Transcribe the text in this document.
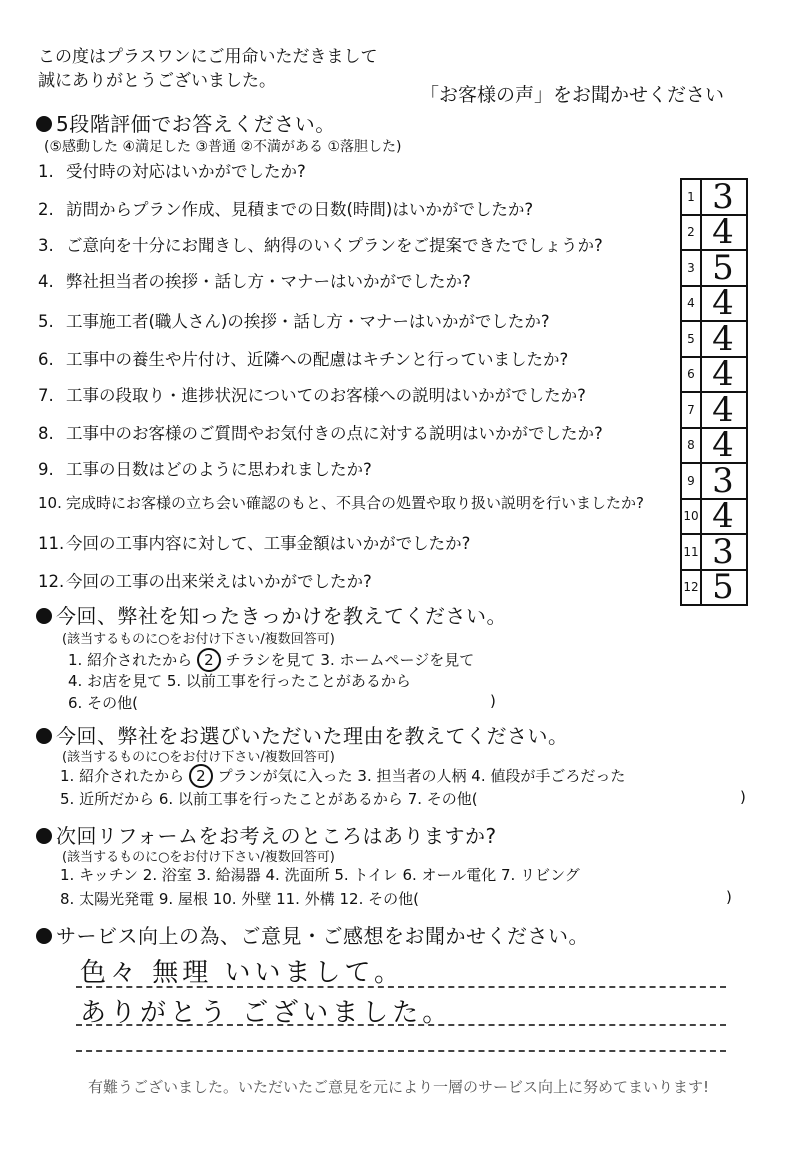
この度はプラスワンにご用命いただきまして
誠にありがとうございました。
「お客様の声」をお聞かせください
5段階評価でお答えください。
(⑤感動した ④満足した ③普通 ②不満がある ①落胆した)
1. 受付時の対応はいかがでしたか?
2. 訪問からプラン作成、見積までの日数(時間)はいかがでしたか?
3. ご意向を十分にお聞きし、納得のいくプランをご提案できたでしょうか?
4. 弊社担当者の挨拶・話し方・マナーはいかがでしたか?
5. 工事施工者(職人さん)の挨拶・話し方・マナーはいかがでしたか?
6. 工事中の養生や片付け、近隣への配慮はキチンと行っていましたか?
7. 工事の段取り・進捗状況についてのお客様への説明はいかがでしたか?
8. 工事中のお客様のご質問やお気付きの点に対する説明はいかがでしたか?
9. 工事の日数はどのように思われましたか?
10. 完成時にお客様の立ち会い確認のもと、不具合の処置や取り扱い説明を行いましたか?
11. 今回の工事内容に対して、工事金額はいかがでしたか?
12. 今回の工事の出来栄えはいかがでしたか?
1 3
2 4
3 5
4 4
5 4
6 4
7 4
8 4
9 3
10 4
11 3
12 5
今回、弊社を知ったきっかけを教えてください。
(該当するものに○をお付け下さい/複数回答可)
1. 紹介されたから 2 チラシを見て 3. ホームページを見て
4. お店を見て 5. 以前工事を行ったことがあるから
6. その他(	)
今回、弊社をお選びいただいた理由を教えてください。
(該当するものに○をお付け下さい/複数回答可)
1. 紹介されたから 2 プランが気に入った 3. 担当者の人柄 4. 値段が手ごろだった
5. 近所だから 6. 以前工事を行ったことがあるから 7. その他(	)
次回リフォームをお考えのところはありますか?
(該当するものに○をお付け下さい/複数回答可)
1. キッチン 2. 浴室 3. 給湯器 4. 洗面所 5. トイレ 6. オール電化 7. リビング
8. 太陽光発電 9. 屋根 10. 外壁 11. 外構 12. その他(	)
サービス向上の為、ご意見・ご感想をお聞かせください。
色々 無理 いいまして。
ありがとう ございました。
有難うございました。いただいたご意見を元により一層のサービス向上に努めてまいります!
